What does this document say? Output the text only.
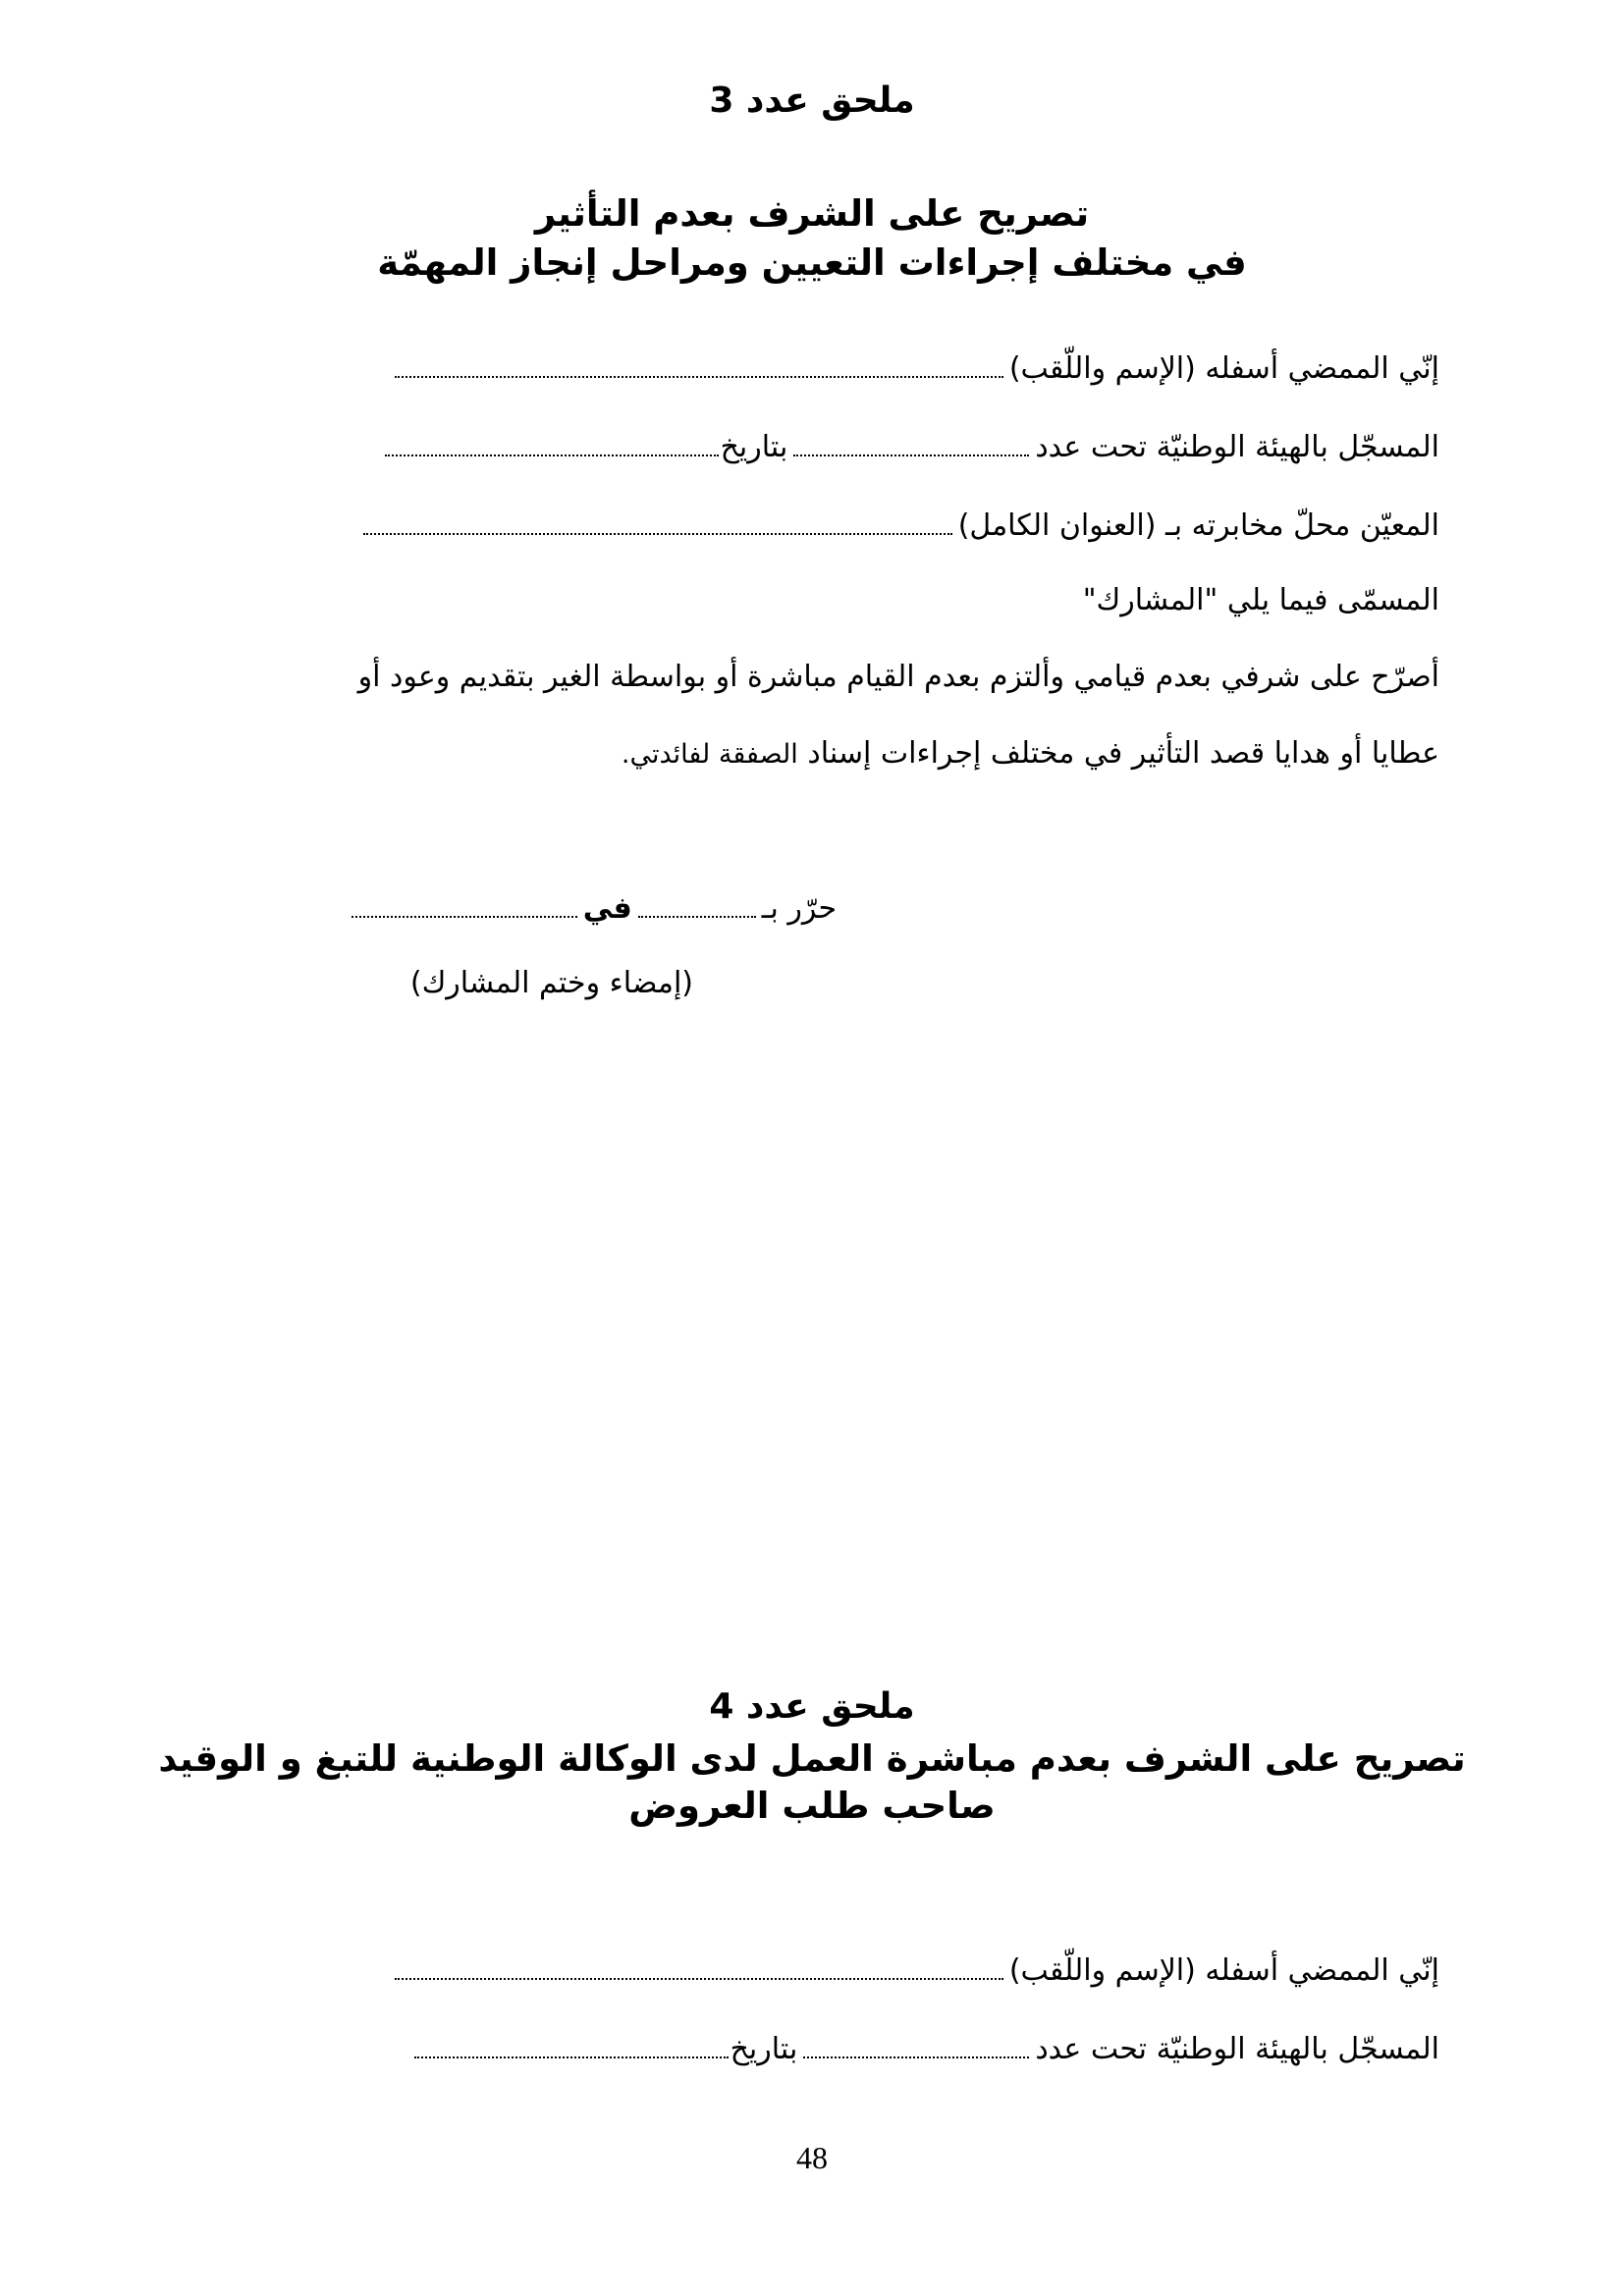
ملحق عدد 3
تصريح على الشرف بعدم التأثير
في مختلف إجراءات التعيين ومراحل إنجاز المهمّة
إنّي الممضي أسفله (الإسم واللّقب)
المسجّل بالهيئة الوطنيّة تحت عددبتاريخ
المعيّن محلّ مخابرته بـ (العنوان الكامل)
المسمّى فيما يلي "المشارك"
أصرّح على شرفي بعدم قيامي وألتزم بعدم القيام مباشرة أو بواسطة الغير بتقديم وعود أو
عطايا أو هدايا قصد التأثير في مختلف إجراءات إسناد الصفقة لفائدتي.
حرّر بـفي
(إمضاء وختم المشارك)
ملحق عدد 4
تصريح على الشرف بعدم مباشرة العمل لدى الوكالة الوطنية للتبغ و الوقيد
صاحب طلب العروض
إنّي الممضي أسفله (الإسم واللّقب)
المسجّل بالهيئة الوطنيّة تحت عددبتاريخ
48
